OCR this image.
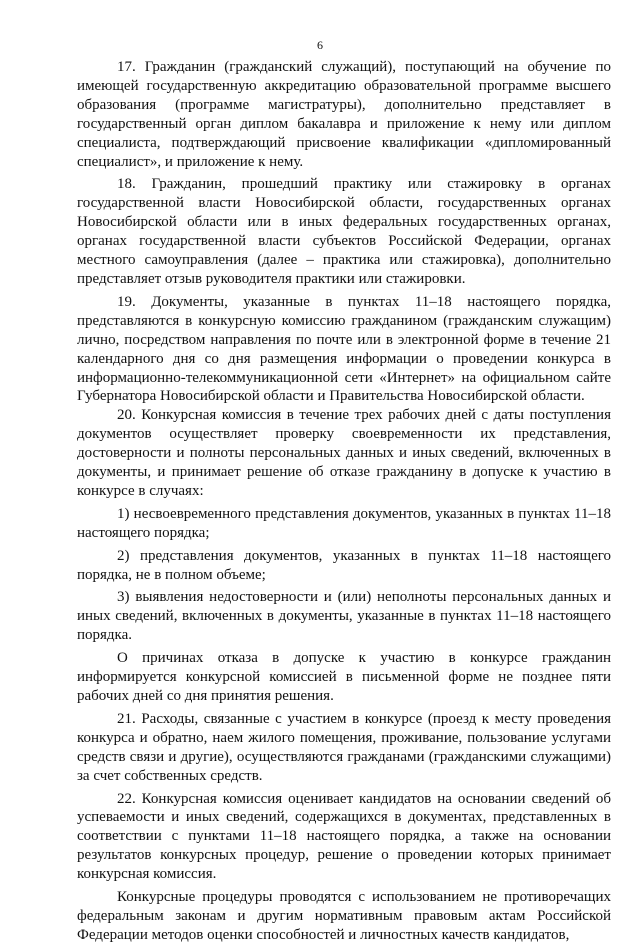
6

17. Гражданин (гражданский служащий), поступающий на обучение по имеющей государственную аккредитацию образовательной программе высшего образования (программе магистратуры), дополнительно представляет в государственный орган диплом бакалавра и приложение к нему или диплом специалиста, подтверждающий присвоение квалификации «дипломированный специалист», и приложение к нему.

18. Гражданин, прошедший практику или стажировку в органах государственной власти Новосибирской области, государственных органах Новосибирской области или в иных федеральных государственных органах, органах государственной власти субъектов Российской Федерации, органах местного самоуправления (далее – практика или стажировка), дополнительно представляет отзыв руководителя практики или стажировки.

19. Документы, указанные в пунктах 11–18 настоящего порядка, представляются в конкурсную комиссию гражданином (гражданским служащим) лично, посредством направления по почте или в электронной форме в течение 21 календарного дня со дня размещения информации о проведении конкурса в информационно-телекоммуникационной сети «Интернет» на официальном сайте Губернатора Новосибирской области и Правительства Новосибирской области.

20. Конкурсная комиссия в течение трех рабочих дней с даты поступления документов осуществляет проверку своевременности их представления, достоверности и полноты персональных данных и иных сведений, включенных в документы, и принимает решение об отказе гражданину в допуске к участию в конкурсе в случаях:

1) несвоевременного представления документов, указанных в пунктах 11–18 настоящего порядка;

2) представления документов, указанных в пунктах 11–18 настоящего порядка, не в полном объеме;

3) выявления недостоверности и (или) неполноты персональных данных и иных сведений, включенных в документы, указанные в пунктах 11–18 настоящего порядка.

О причинах отказа в допуске к участию в конкурсе гражданин информируется конкурсной комиссией в письменной форме не позднее пяти рабочих дней со дня принятия решения.

21. Расходы, связанные с участием в конкурсе (проезд к месту проведения конкурса и обратно, наем жилого помещения, проживание, пользование услугами средств связи и другие), осуществляются гражданами (гражданскими служащими) за счет собственных средств.

22. Конкурсная комиссия оценивает кандидатов на основании сведений об успеваемости и иных сведений, содержащихся в документах, представленных в соответствии с пунктами 11–18 настоящего порядка, а также на основании результатов конкурсных процедур, решение о проведении которых принимает конкурсная комиссия.

Конкурсные процедуры проводятся с использованием не противоречащих федеральным законам и другим нормативным правовым актам Российской Федерации методов оценки способностей и личностных качеств кандидатов,
